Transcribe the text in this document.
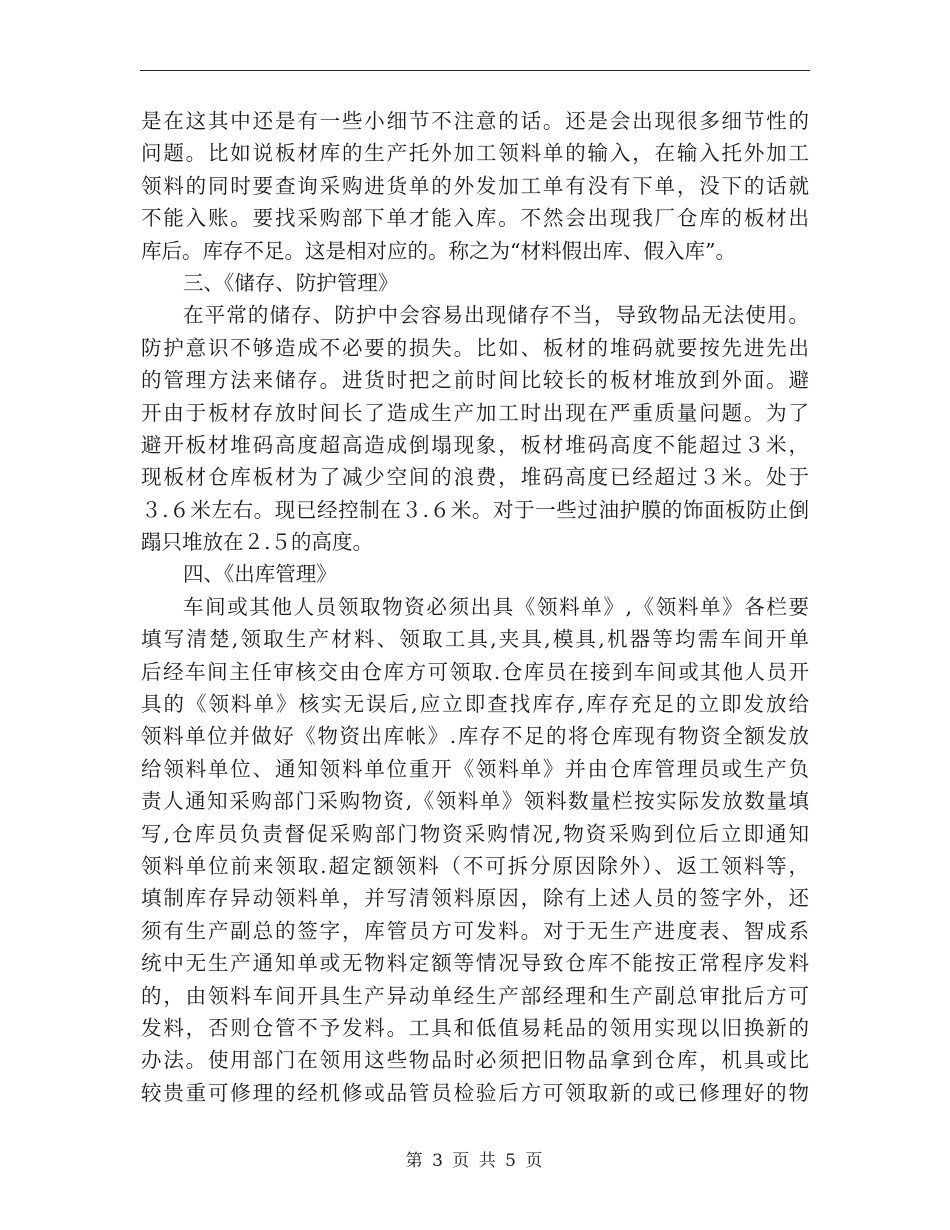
是在这其中还是有一些小细节不注意的话。还是会出现很多细节性的
问题。比如说板材库的生产托外加工领料单的输入，在输入托外加工
领料的同时要查询采购进货单的外发加工单有没有下单，没下的话就
不能入账。要找采购部下单才能入库。不然会出现我厂仓库的板材出
库后。库存不足。这是相对应的。称之为“材料假出库、假入库”。
三、《储存、防护管理》
在平常的储存、防护中会容易出现储存不当，导致物品无法使用。
防护意识不够造成不必要的损失。比如、板材的堆码就要按先进先出
的管理方法来储存。进货时把之前时间比较长的板材堆放到外面。避
开由于板材存放时间长了造成生产加工时出现在严重质量问题。为了
避开板材堆码高度超高造成倒塌现象，板材堆码高度不能超过３米，
现板材仓库板材为了减少空间的浪费，堆码高度已经超过３米。处于
３.６米左右。现已经控制在３.６米。对于一些过油护膜的饰面板防止倒
蹋只堆放在２.５的高度。
四、《出库管理》
车间或其他人员领取物资必须出具《领料单》,《领料单》各栏要
填写清楚,领取生产材料、领取工具,夹具,模具,机器等均需车间开单
后经车间主任审核交由仓库方可领取.仓库员在接到车间或其他人员开
具的《领料单》核实无误后,应立即查找库存,库存充足的立即发放给
领料单位并做好《物资出库帐》.库存不足的将仓库现有物资全额发放
给领料单位、通知领料单位重开《领料单》并由仓库管理员或生产负
责人通知采购部门采购物资,《领料单》领料数量栏按实际发放数量填
写,仓库员负责督促采购部门物资采购情况,物资采购到位后立即通知
领料单位前来领取.超定额领料（不可拆分原因除外）、返工领料等，
填制库存异动领料单，并写清领料原因，除有上述人员的签字外，还
须有生产副总的签字，库管员方可发料。对于无生产进度表、智成系
统中无生产通知单或无物料定额等情况导致仓库不能按正常程序发料
的，由领料车间开具生产异动单经生产部经理和生产副总审批后方可
发料，否则仓管不予发料。工具和低值易耗品的领用实现以旧换新的
办法。使用部门在领用这些物品时必须把旧物品拿到仓库，机具或比
较贵重可修理的经机修或品管员检验后方可领取新的或已修理好的物
第 3 页 共 5 页
